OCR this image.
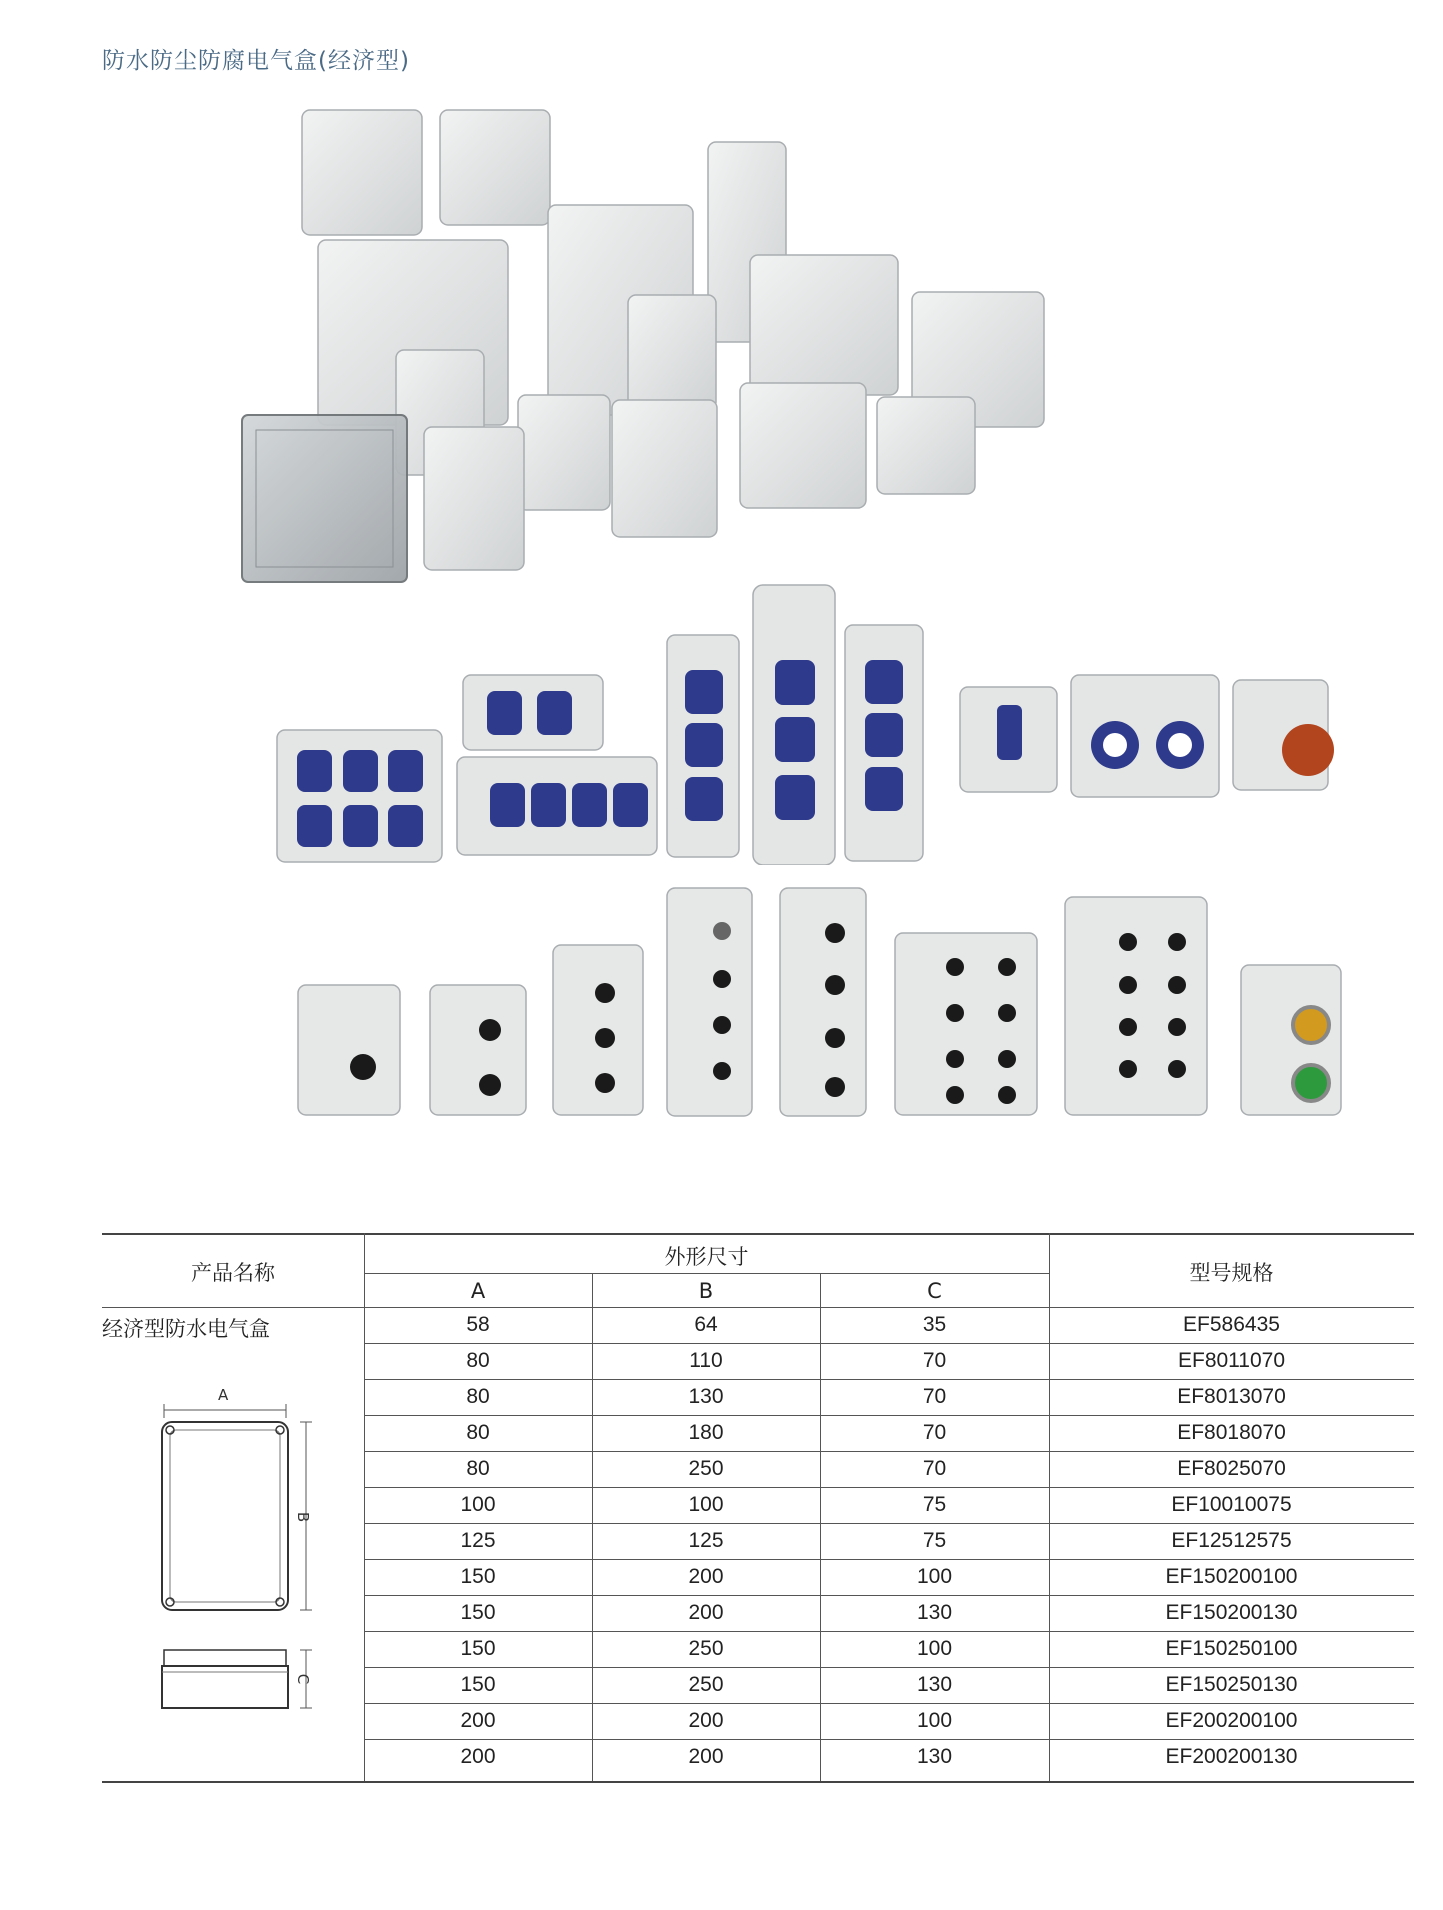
防水防尘防腐电气盒(经济型)
产品名称
外形尺寸
A	B	C
型号规格
经济型防水电气盒	58	64	35	EF586435
80	110	70	EF8011070
80	130	70	EF8013070
80	180	70	EF8018070
80	250	70	EF8025070
100	100	75	EF10010075
125	125	75	EF12512575
150	200	100	EF150200100
150	200	130	EF150200130
150	250	100	EF150250100
150	250	130	EF150250130
200	200	100	EF200200100
200	200	130	EF200200130
A
B
C
